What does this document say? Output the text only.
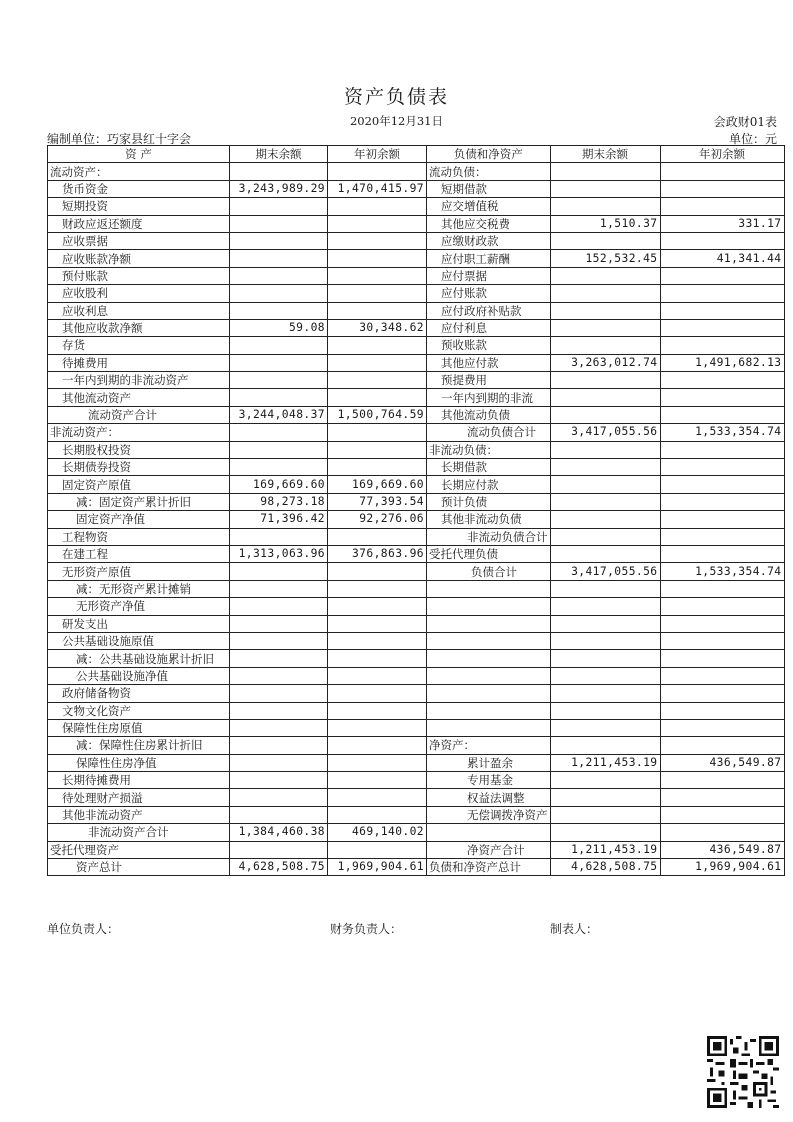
资产负债表
2020年12月31日	会政财01表
编制单位：巧家县红十字会	单位：元
资 产	期末余额	年初余额	负债和净资产	期末余额	年初余额
流动资产：			流动负债：		
货币资金	3,243,989.29	1,470,415.97	短期借款		
短期投资			应交增值税		
财政应返还额度			其他应交税费	1,510.37	331.17
应收票据			应缴财政款		
应收账款净额			应付职工薪酬	152,532.45	41,341.44
预付账款			应付票据		
应收股利			应付账款		
应收利息			应付政府补贴款		
其他应收款净额	59.08	30,348.62	应付利息		
存货			预收账款		
待摊费用			其他应付款	3,263,012.74	1,491,682.13
一年内到期的非流动资产			预提费用		
其他流动资产			一年内到期的非流		
流动资产合计	3,244,048.37	1,500,764.59	其他流动负债		
非流动资产：			流动负债合计	3,417,055.56	1,533,354.74
长期股权投资			非流动负债：		
长期债券投资			长期借款		
固定资产原值	169,669.60	169,669.60	长期应付款		
减：固定资产累计折旧	98,273.18	77,393.54	预计负债		
固定资产净值	71,396.42	92,276.06	其他非流动负债		
工程物资			非流动负债合计		
在建工程	1,313,063.96	376,863.96	受托代理负债		
无形资产原值			负债合计	3,417,055.56	1,533,354.74
减：无形资产累计摊销					
无形资产净值					
研发支出					
公共基础设施原值					
减：公共基础设施累计折旧					
公共基础设施净值					
政府储备物资					
文物文化资产					
保障性住房原值					
减：保障性住房累计折旧			净资产：		
保障性住房净值			累计盈余	1,211,453.19	436,549.87
长期待摊费用			专用基金		
待处理财产损溢			权益法调整		
其他非流动资产			无偿调拨净资产		
非流动资产合计	1,384,460.38	469,140.02			
受托代理资产			净资产合计	1,211,453.19	436,549.87
资产总计	4,628,508.75	1,969,904.61	负债和净资产总计	4,628,508.75	1,969,904.61
单位负责人：	财务负责人：	制表人：
